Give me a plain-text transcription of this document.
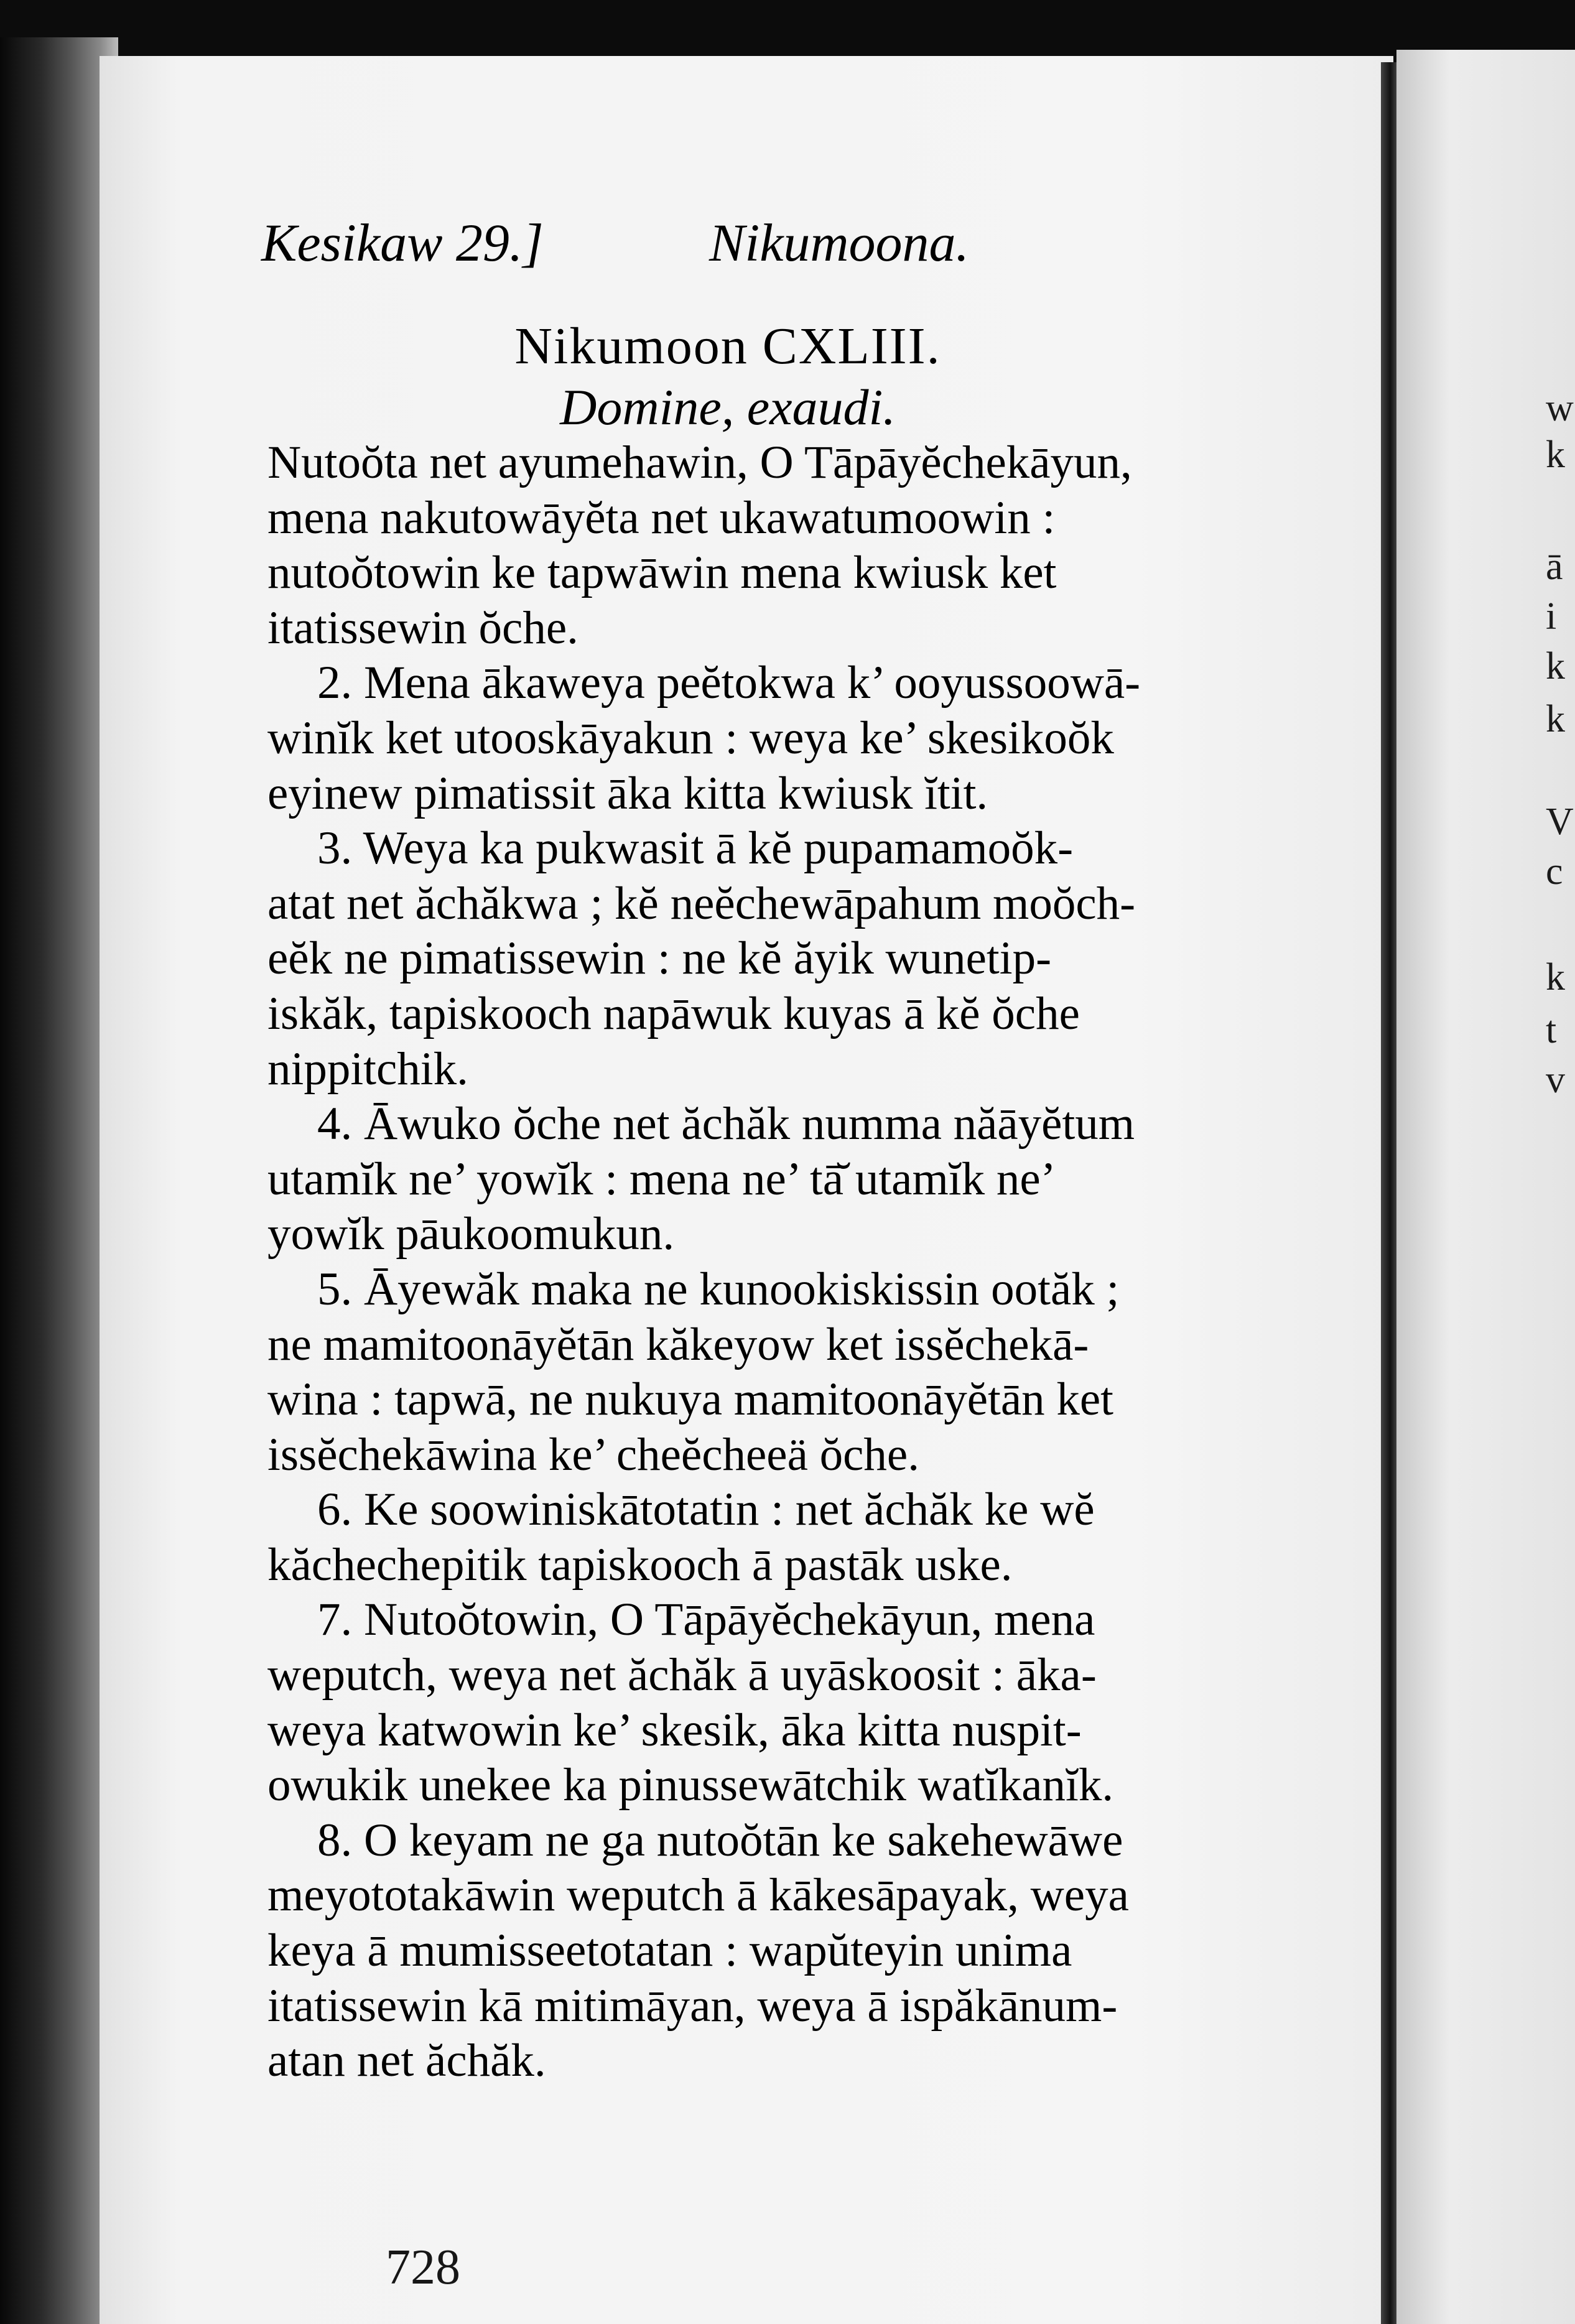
Kesikaw 29.]	Nikumoona.
Nikumoon CXLIII.
Domine, exaudi.
Nutoŏta net ayumehawin, O Tāpāyĕchekāyun,
mena nakutowāyĕta net ukawatumoowin :
nutoŏtowin ke tapwāwin mena kwiusk ket
itatissewin ŏche.
2. Mena ākaweya peĕtokwa k’ ooyussoowā-
winĭk ket utooskāyakun : weya ke’ skesikoŏk
eyinew pimatissit āka kitta kwiusk ĭtit.
3. Weya ka pukwasit ā kĕ pupamamoŏk-
atat net ăchăkwa ; kĕ neĕchewāpahum moŏch-
eĕk ne pimatissewin : ne kĕ ăyik wunetip-
iskăk, tapiskooch napāwuk kuyas ā kĕ ŏche
nippitchik.
4. Āwuko ŏche net ăchăk numma năāyĕtum
utamĭk ne’ yowĭk : mena ne’ tā̆ utamĭk ne’
yowĭk pāukoomukun.
5. Āyewăk maka ne kunookiskissin ootăk ;
ne mamitoonāyĕtān kăkeyow ket issĕchekā-
wina : tapwā, ne nukuya mamitoonāyĕtān ket
issĕchekāwina ke’ cheĕcheeä ŏche.
6. Ke soowiniskātotatin : net ăchăk ke wĕ
kăchechepitik tapiskooch ā pastāk uske.
7. Nutoŏtowin, O Tāpāyĕchekāyun, mena
weputch, weya net ăchăk ā uyāskoosit : āka-
weya katwowin ke’ skesik, āka kitta nuspit-
owukik unekee ka pinussewātchik watĭkanĭk.
8. O keyam ne ga nutoŏtān ke sakehewāwe
meyototakāwin weputch ā kākesāpayak, weya
keya ā mumisseetotatan : wapŭteyin unima
itatissewin kā mitimāyan, weya ā ispăkānum-
atan net ăchăk.
728
w
k
ā
i
k
k
V
c
k
t
v
